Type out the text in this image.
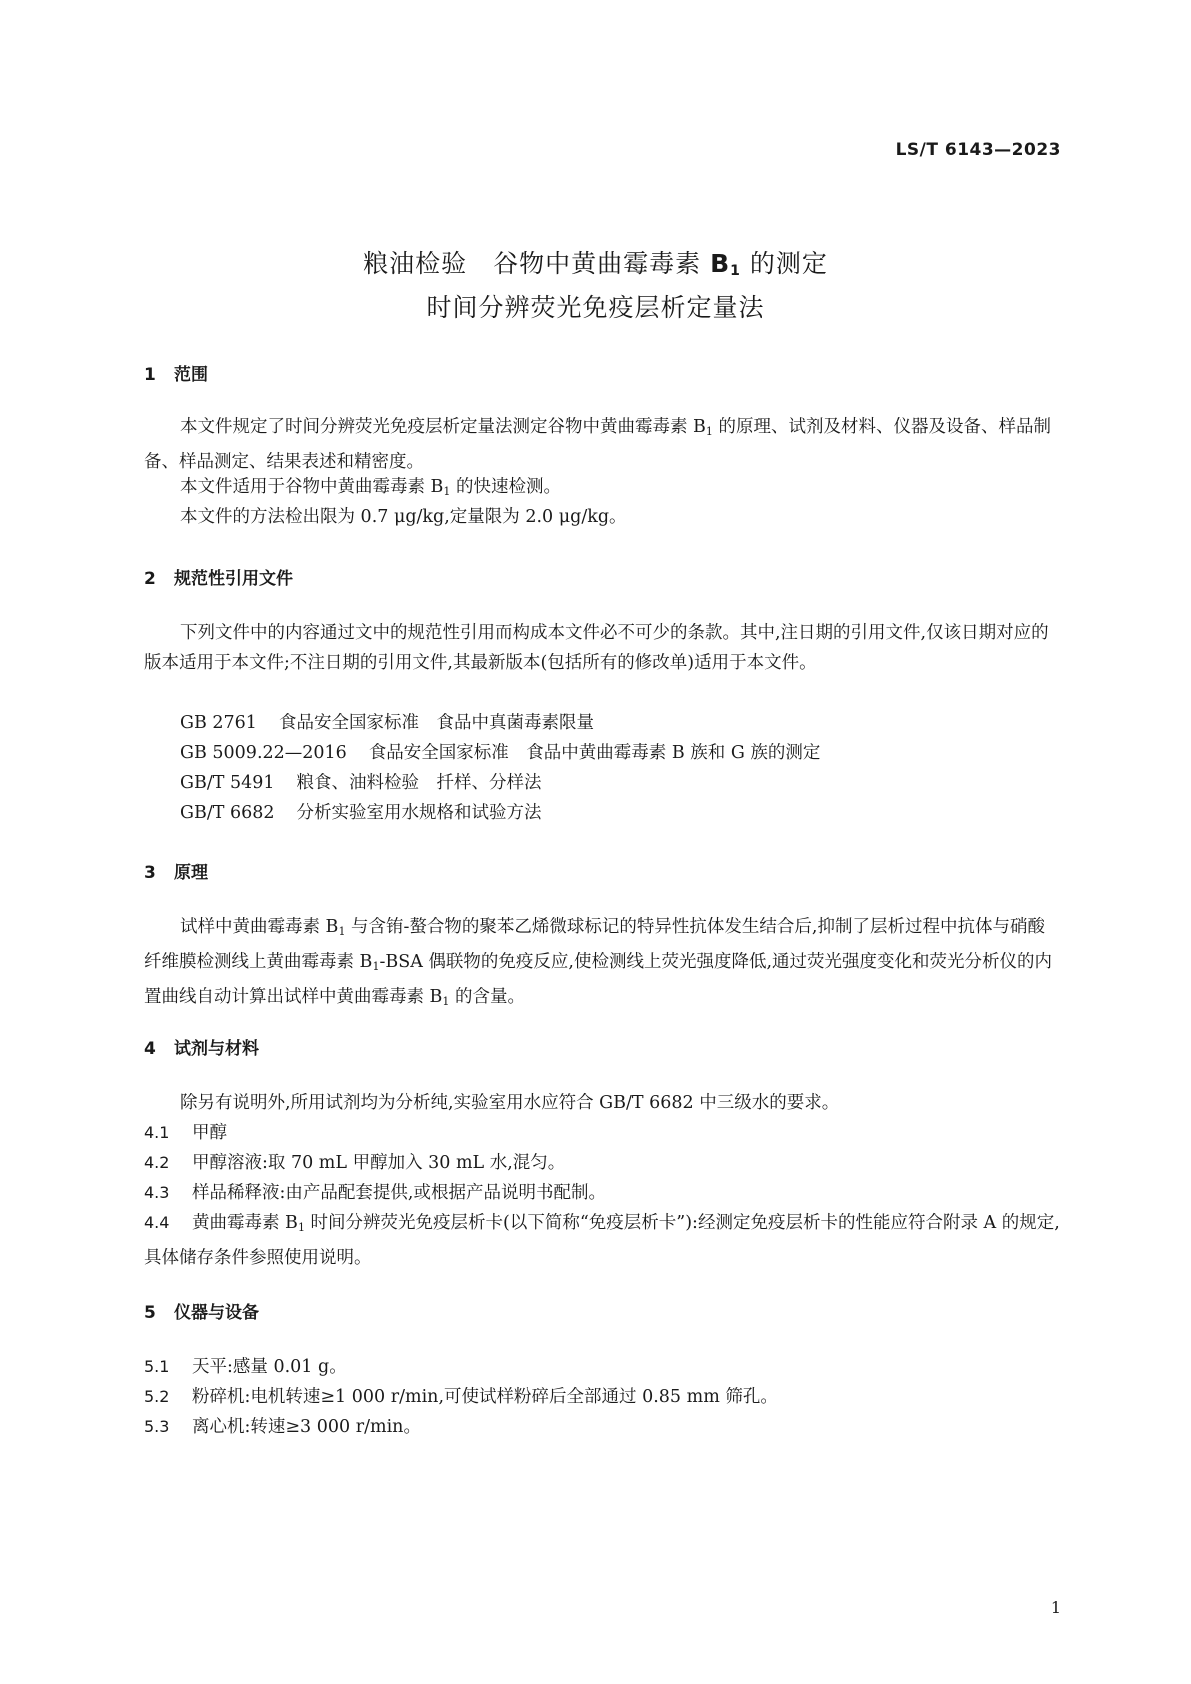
LS/T 6143—2023
粮油检验　谷物中黄曲霉毒素 $B_1$ 的测定
时间分辨荧光免疫层析定量法
1 范围
本文件规定了时间分辨荧光免疫层析定量法测定谷物中黄曲霉毒素 $B_1$ 的原理、试剂及材料、仪器及设备、样品制备、样品测定、结果表述和精密度。
本文件适用于谷物中黄曲霉毒素 $B_1$ 的快速检测。
本文件的方法检出限为 0.7 μg/kg,定量限为 2.0 μg/kg。
2 规范性引用文件
下列文件中的内容通过文中的规范性引用而构成本文件必不可少的条款。其中,注日期的引用文件,仅该日期对应的版本适用于本文件;不注日期的引用文件,其最新版本(包括所有的修改单)适用于本文件。
GB 2761 食品安全国家标准　食品中真菌毒素限量
GB 5009.22—2016 食品安全国家标准　食品中黄曲霉毒素 B 族和 G 族的测定
GB/T 5491 粮食、油料检验　扦样、分样法
GB/T 6682 分析实验室用水规格和试验方法
3 原理
试样中黄曲霉毒素 $B_1$ 与含铕-螯合物的聚苯乙烯微球标记的特异性抗体发生结合后,抑制了层析过程中抗体与硝酸纤维膜检测线上黄曲霉毒素 $B_1$-BSA 偶联物的免疫反应,使检测线上荧光强度降低,通过荧光强度变化和荧光分析仪的内置曲线自动计算出试样中黄曲霉毒素 $B_1$ 的含量。
4 试剂与材料
除另有说明外,所用试剂均为分析纯,实验室用水应符合 GB/T 6682 中三级水的要求。
4.1 甲醇
4.2 甲醇溶液:取 70 mL 甲醇加入 30 mL 水,混匀。
4.3 样品稀释液:由产品配套提供,或根据产品说明书配制。
4.4 黄曲霉毒素 $B_1$ 时间分辨荧光免疫层析卡(以下简称“免疫层析卡”):经测定免疫层析卡的性能应符合附录 A 的规定,具体储存条件参照使用说明。
5 仪器与设备
5.1 天平:感量 0.01 g。
5.2 粉碎机:电机转速≥1 000 r/min,可使试样粉碎后全部通过 0.85 mm 筛孔。
5.3 离心机:转速≥3 000 r/min。
1
